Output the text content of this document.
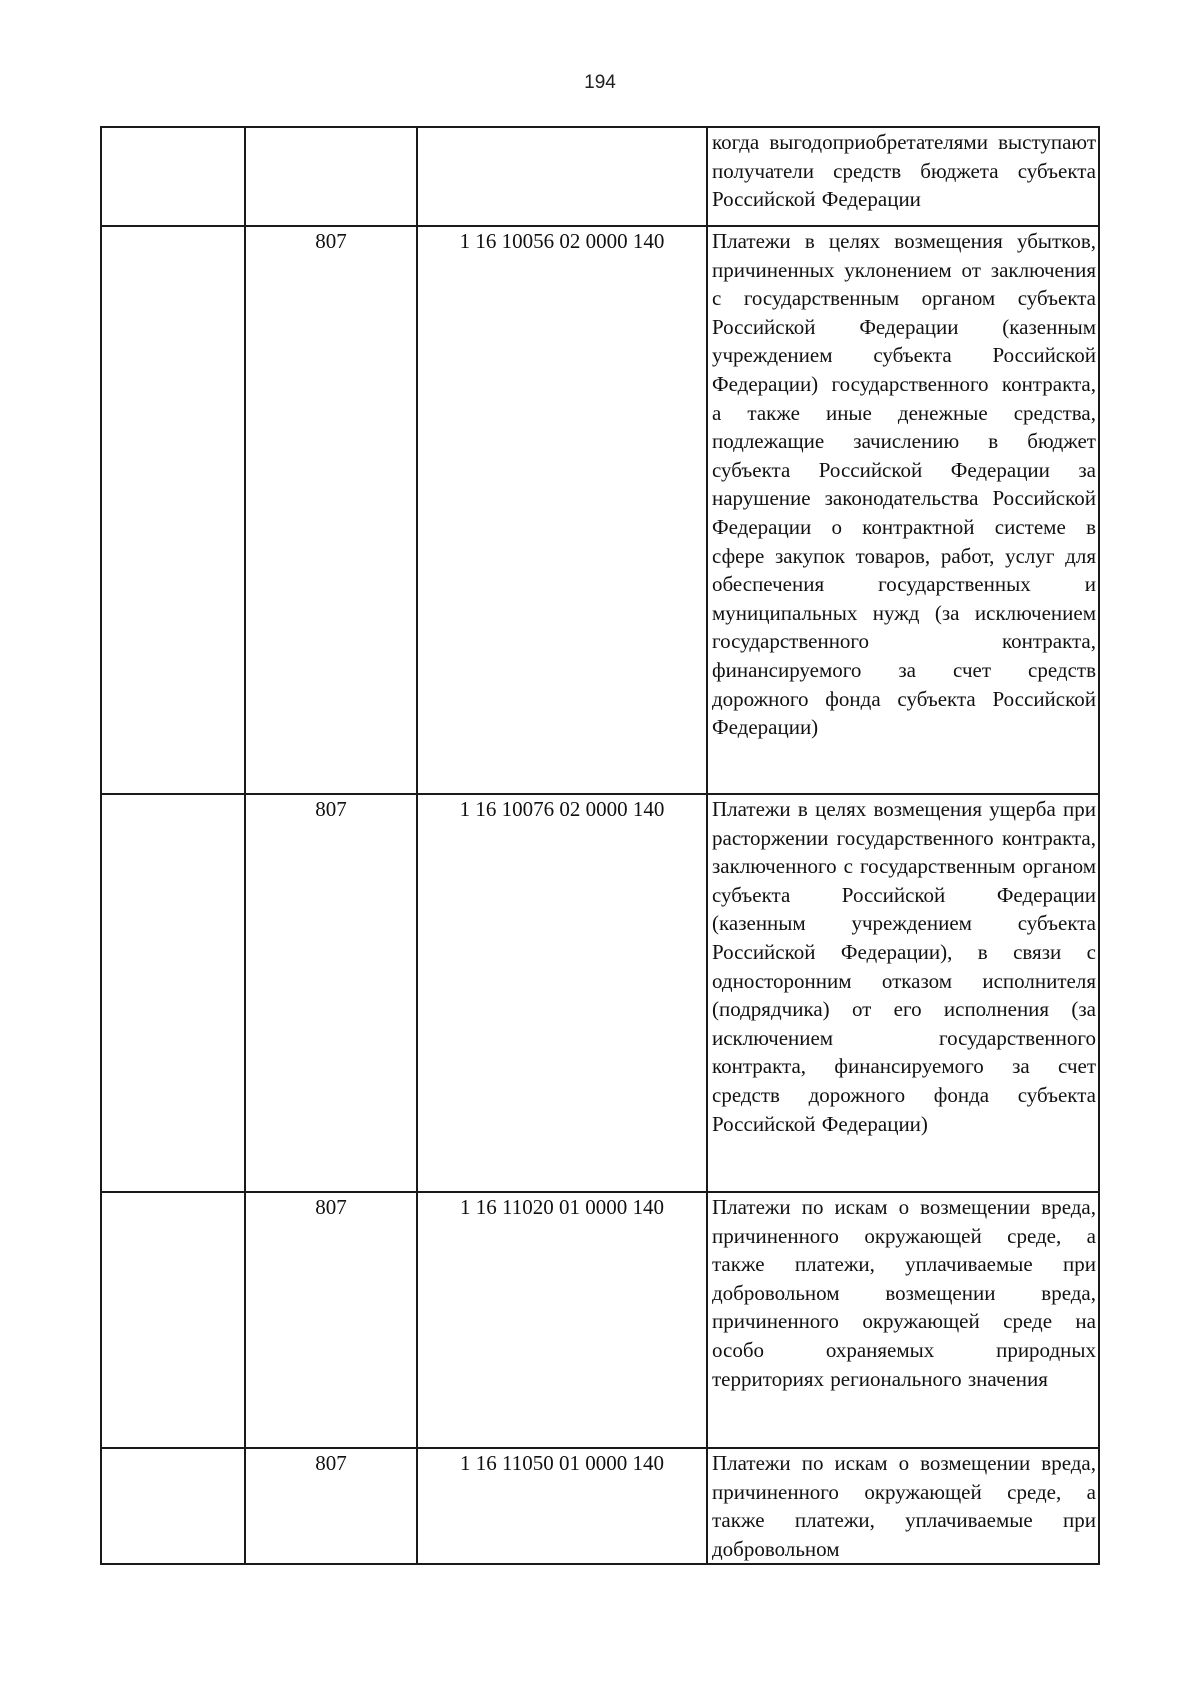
194

			когда выгодоприобретателями выступают получатели средств бюджета субъекта Российской Федерации

	807	1 16 10056 02 0000 140	Платежи в целях возмещения убытков, причиненных уклонением от заключения с государственным органом субъекта Российской Федерации (казенным учреждением субъекта Российской Федерации) государственного контракта, а также иные денежные средства, подлежащие зачислению в бюджет субъекта Российской Федерации за нарушение законодательства Российской Федерации о контрактной системе в сфере закупок товаров, работ, услуг для обеспечения государственных и муниципальных нужд (за исключением государственного контракта, финансируемого за счет средств дорожного фонда субъекта Российской Федерации)

	807	1 16 10076 02 0000 140	Платежи в целях возмещения ущерба при расторжении государственного контракта, заключенного с государственным органом субъекта Российской Федерации (казенным учреждением субъекта Российской Федерации), в связи с односторонним отказом исполнителя (подрядчика) от его исполнения (за исключением государственного контракта, финансируемого за счет средств дорожного фонда субъекта Российской Федерации)

	807	1 16 11020 01 0000 140	Платежи по искам о возмещении вреда, причиненного окружающей среде, а также платежи, уплачиваемые при добровольном возмещении вреда, причиненного окружающей среде на особо охраняемых природных территориях регионального значения

	807	1 16 11050 01 0000 140	Платежи по искам о возмещении вреда, причиненного окружающей среде, а также платежи, уплачиваемые при добровольном
